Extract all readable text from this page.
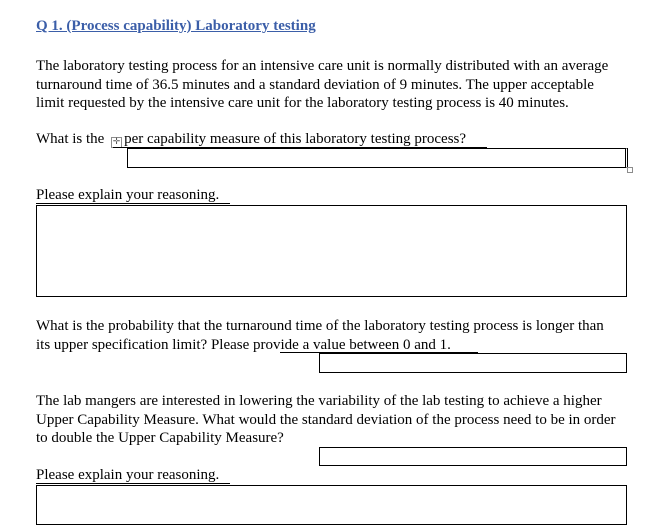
Q 1. (Process capability) Laboratory testing
The laboratory testing process for an intensive care unit is normally distributed with an average
turnaround time of 36.5 minutes and a standard deviation of 9 minutes. The upper acceptable
limit requested by the intensive care unit for the laboratory testing process is 40 minutes.
What is the ✛ per capability measure of this laboratory testing process?
Please explain your reasoning.
What is the probability that the turnaround time of the laboratory testing process is longer than
its upper specification limit? Please provide a value between 0 and 1.
The lab mangers are interested in lowering the variability of the lab testing to achieve a higher
Upper Capability Measure. What would the standard deviation of the process need to be in order
to double the Upper Capability Measure?
Please explain your reasoning.
